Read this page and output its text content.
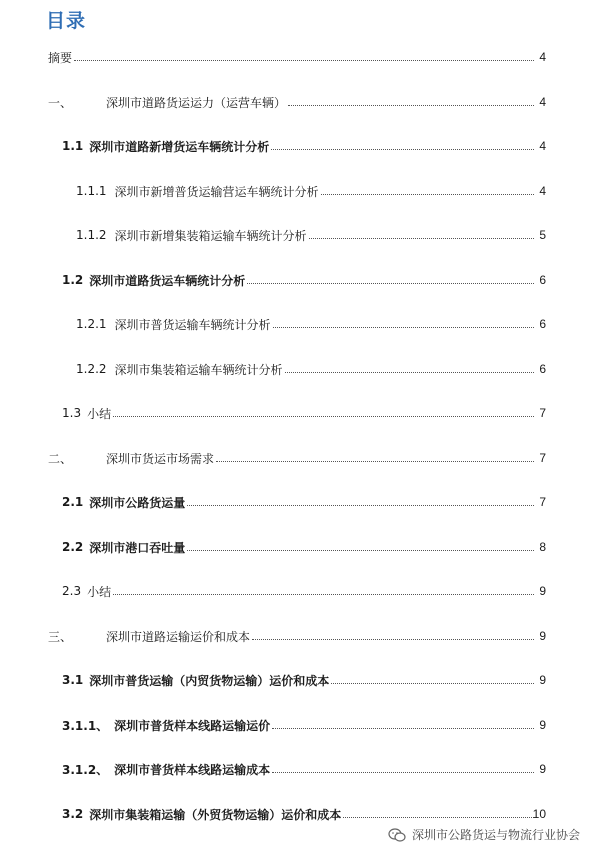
目录
摘要	4
一、	深圳市道路货运运力（运营车辆）	4
1.1 深圳市道路新增货运车辆统计分析	4
1.1.1 深圳市新增普货运输营运车辆统计分析	4
1.1.2 深圳市新增集装箱运输车辆统计分析	5
1.2 深圳市道路货运车辆统计分析	6
1.2.1 深圳市普货运输车辆统计分析	6
1.2.2 深圳市集装箱运输车辆统计分析	6
1.3 小结	7
二、	深圳市货运市场需求	7
2.1 深圳市公路货运量	7
2.2 深圳市港口吞吐量	8
2.3 小结	9
三、	深圳市道路运输运价和成本	9
3.1 深圳市普货运输（内贸货物运输）运价和成本	9
3.1.1、 深圳市普货样本线路运输运价	9
3.1.2、 深圳市普货样本线路运输成本	9
3.2 深圳市集装箱运输（外贸货物运输）运价和成本	10
深圳市公路货运与物流行业协会
